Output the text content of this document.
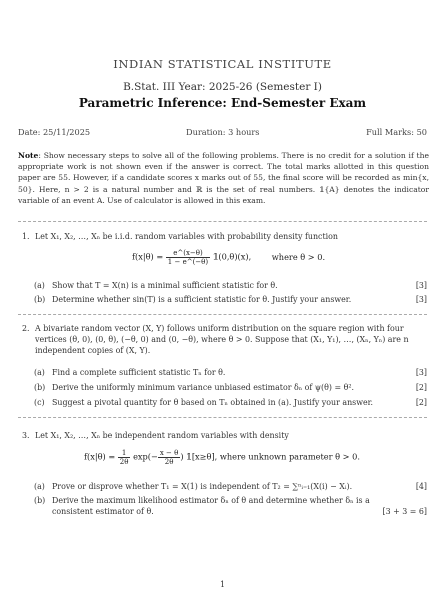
INDIAN STATISTICAL INSTITUTE
B.Stat. III Year: 2025-26 (Semester I)
Parametric Inference: End-Semester Exam
Date: 25/11/2025	Duration: 3 hours	Full Marks: 50
Note: Show necessary steps to solve all of the following problems. There is no credit for a solution if the appropriate work is not shown even if the answer is correct. The total marks allotted in this question paper are 55. However, if a candidate scores x marks out of 55, the final score will be recorded as min{x, 50}. Here, n > 2 is a natural number and ℝ is the set of real numbers. 𝟙{A} denotes the indicator variable of an event A. Use of calculator is allowed in this exam.
1. Let X₁, X₂, …, Xₙ be i.i.d. random variables with probability density function
$f(x|\theta) = \frac{e\^{}(x-\theta)}{1 - e\^{}(-\theta)}$ 𝟙(0,θ)(x),	where θ > 0.
(a) Show that T = X(n) is a minimal sufficient statistic for θ.	[3]
(b) Determine whether sin(T) is a sufficient statistic for θ. Justify your answer.	[3]
2. A bivariate random vector (X, Y) follows uniform distribution on the square region with four vertices (θ, 0), (0, θ), (−θ, 0) and (0, −θ), where θ > 0. Suppose that (X₁, Y₁), …, (Xₙ, Yₙ) are n independent copies of (X, Y).
(a) Find a complete sufficient statistic Tₙ for θ.	[3]
(b) Derive the uniformly minimum variance unbiased estimator δₙ of ψ(θ) = θ².	[2]
(c) Suggest a pivotal quantity for θ based on Tₙ obtained in (a). Justify your answer.	[2]
3. Let X₁, X₂, …, Xₙ be independent random variables with density
$f(x|\theta) = \frac{1}{2\theta} \exp(- \frac{x - \theta}{2\theta}$ ) 𝟙[x≥θ], where unknown parameter θ > 0.
(a) Prove or disprove whether T₁ = X(1) is independent of T₂ = ∑ⁿᵢ₌₁(X(i) − Xᵢ).	[4]
(b) Derive the maximum likelihood estimator δₙ of θ and determine whether δₙ is a consistent estimator of θ.	[3 + 3 = 6]
1
